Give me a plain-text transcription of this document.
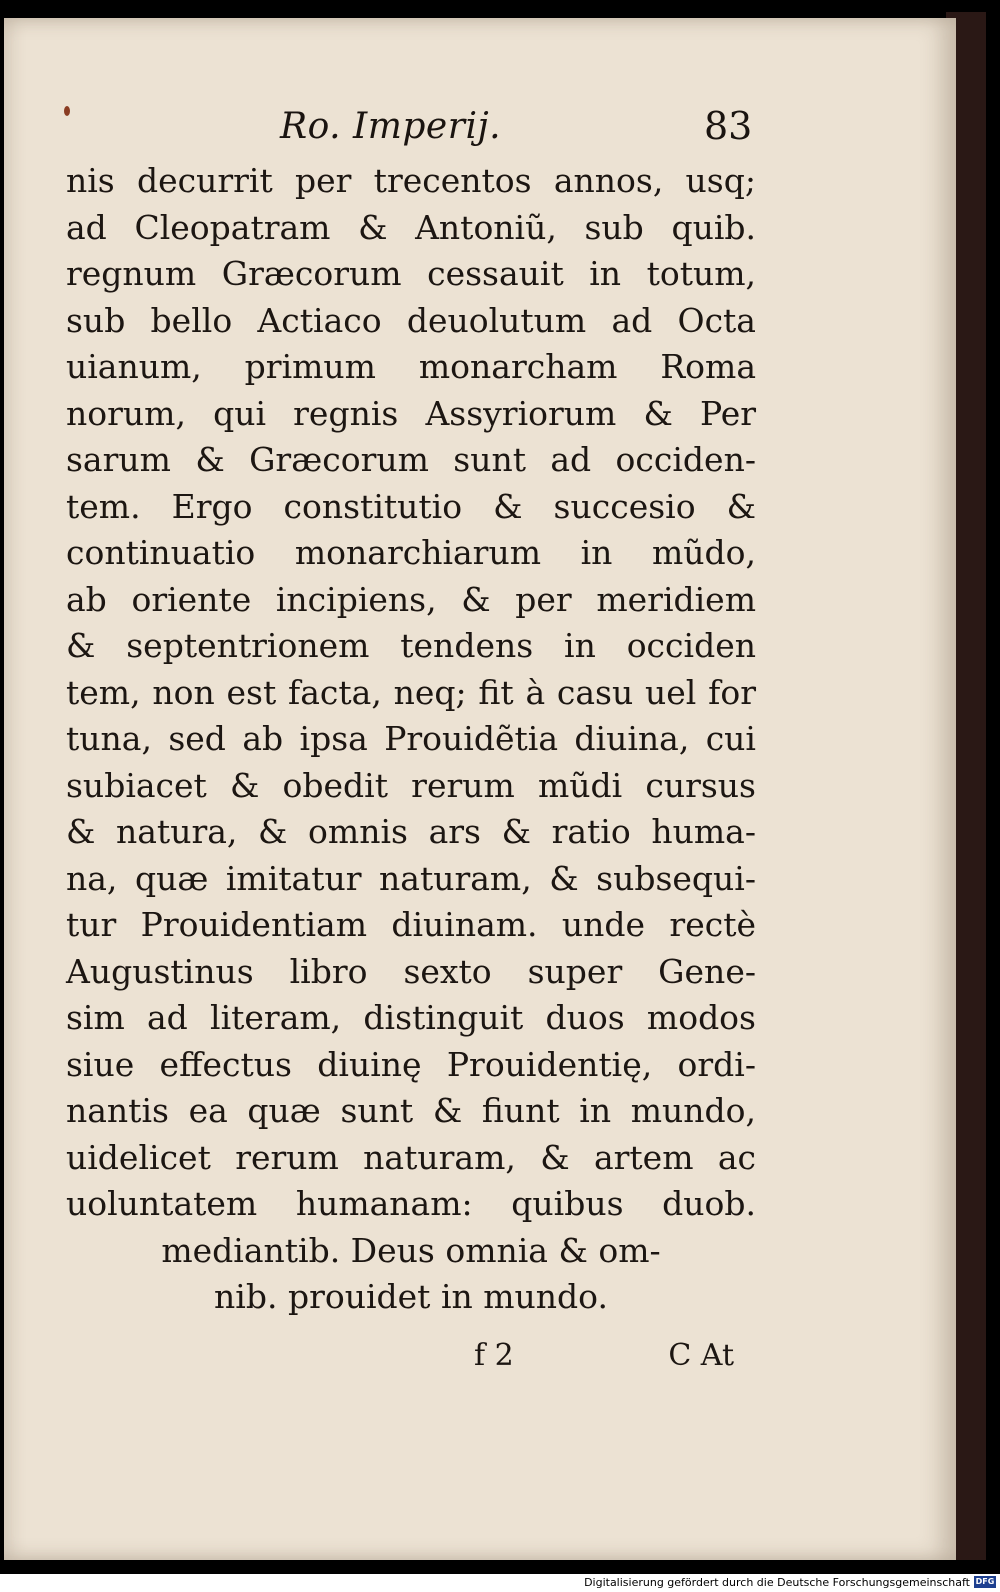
Ro. Imperij.	83
nis decurrit per trecentos annos, usq;
ad Cleopatram & Antoniũ, sub quib.
regnum Græcorum cessauit in totum,
sub bello Actiaco deuolutum ad Octa
uianum, primum monarcham Roma
norum, qui regnis Assyriorum & Per
sarum & Græcorum sunt ad occiden-
tem. Ergo constitutio & succesio &
continuatio monarchiarum in mũdo,
ab oriente incipiens, & per meridiem
& septentrionem tendens in occiden
tem, non est facta, neq; fit à casu uel for
tuna, sed ab ipsa Prouidẽtia diuina, cui
subiacet & obedit rerum mũdi cursus
& natura, & omnis ars & ratio huma-
na, quæ imitatur naturam, & subsequi-
tur Prouidentiam diuinam. unde rectè
Augustinus libro sexto super Gene-
sim ad literam, distinguit duos modos
siue effectus diuinę Prouidentię, ordi-
nantis ea quæ sunt & fiunt in mundo,
uidelicet rerum naturam, & artem ac
uoluntatem humanam: quibus duob.
mediantib. Deus omnia & om-
nib. prouidet in mundo.
f 2	C At
Digitalisierung gefördert durch die Deutsche Forschungsgemeinschaft DFG
